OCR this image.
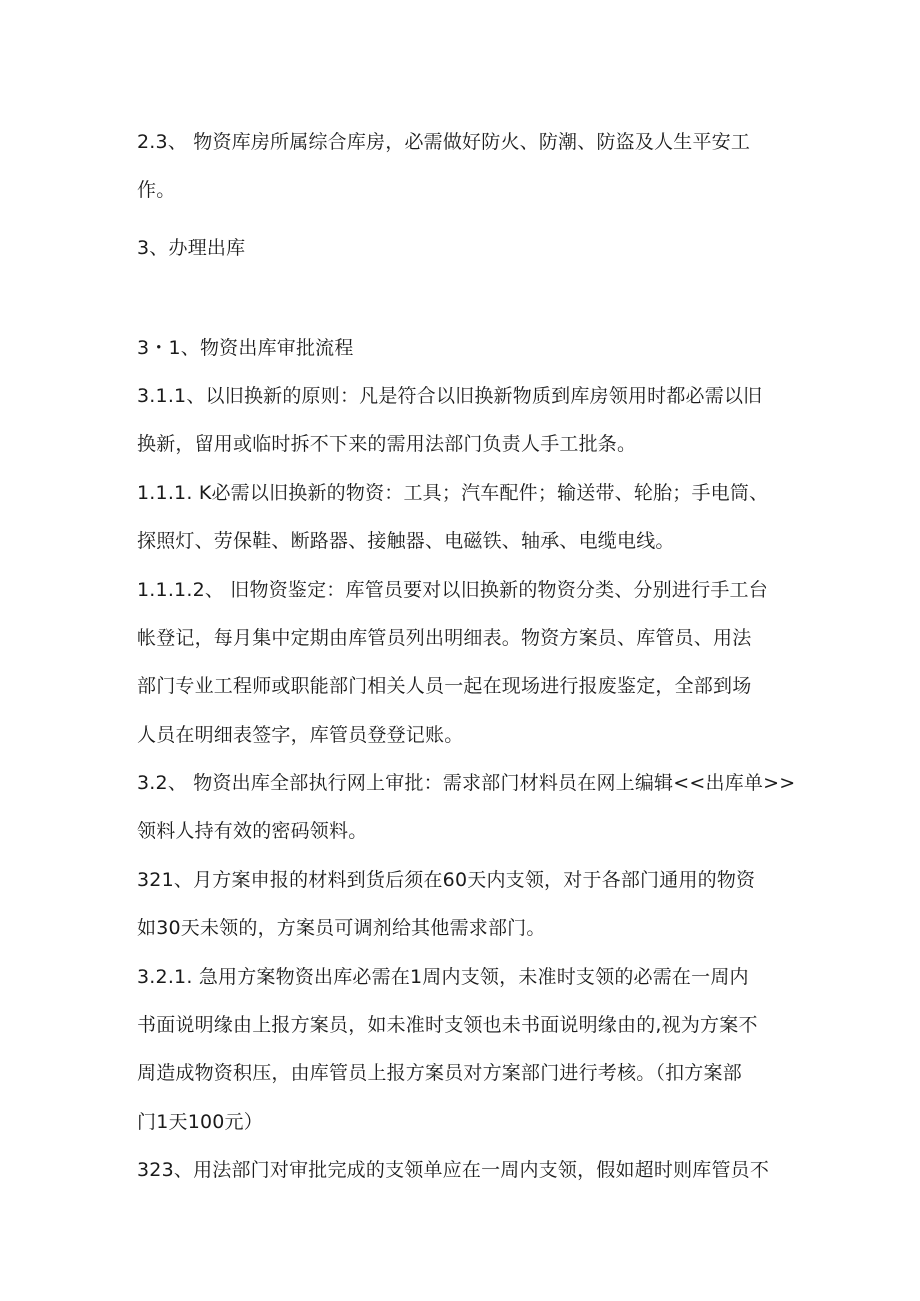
2.3、 物资库房所属综合库房，必需做好防火、防潮、防盗及人生平安工
作。
3、办理出库
3・1、物资出库审批流程
3.1.1、以旧换新的原则：凡是符合以旧换新物质到库房领用时都必需以旧
换新，留用或临时拆不下来的需用法部门负责人手工批条。
1.1.1. K必需以旧换新的物资：工具；汽车配件；输送带、轮胎；手电筒、
探照灯、劳保鞋、断路器、接触器、电磁铁、轴承、电缆电线。
1.1.1.2、 旧物资鉴定：库管员要对以旧换新的物资分类、分别进行手工台
帐登记，每月集中定期由库管员列出明细表。物资方案员、库管员、用法
部门专业工程师或职能部门相关人员一起在现场进行报废鉴定，全部到场
人员在明细表签字，库管员登登记账。
3.2、 物资出库全部执行网上审批：需求部门材料员在网上编辑<<出库单>>
领料人持有效的密码领料。
321、月方案申报的材料到货后须在60天内支领，对于各部门通用的物资
如30天未领的，方案员可调剂给其他需求部门。
3.2.1. 急用方案物资出库必需在1周内支领，未准时支领的必需在一周内
书面说明缘由上报方案员，如未准时支领也未书面说明缘由的,视为方案不
周造成物资积压，由库管员上报方案员对方案部门进行考核。（扣方案部
门1天100元）
323、用法部门对审批完成的支领单应在一周内支领，假如超时则库管员不
